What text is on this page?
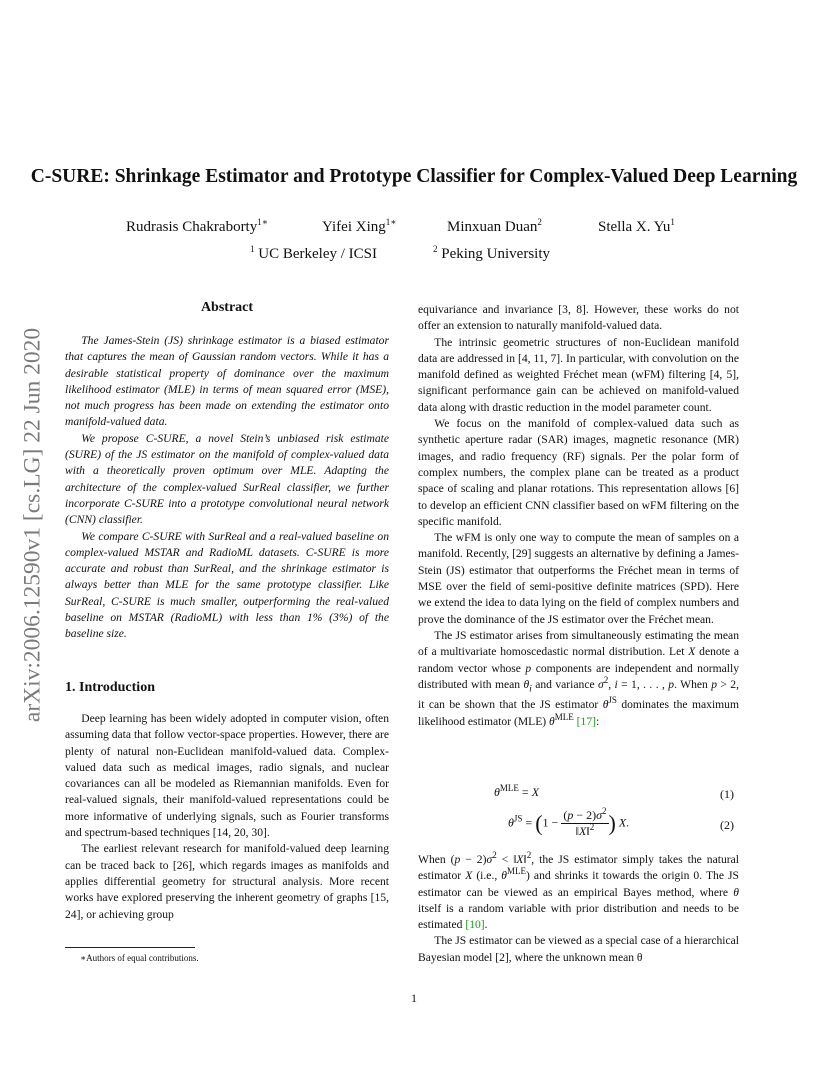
C-SURE: Shrinkage Estimator and Prototype Classifier for Complex-Valued Deep Learning
Rudrasis Chakraborty$^{1∗}$	Yifei Xing$^{1∗}$	Minxuan Duan$^2$	Stella X. Yu$^1$
$^1$ UC Berkeley / ICSI	$^2$ Peking University
arXiv:2006.12590v1 [cs.LG] 22 Jun 2020
Abstract

The James-Stein (JS) shrinkage estimator is a biased estimator that captures the mean of Gaussian random vectors. While it has a desirable statistical property of dominance over the maximum likelihood estimator (MLE) in terms of mean squared error (MSE), not much progress has been made on extending the estimator onto manifold-valued data.

We propose C-SURE, a novel Stein’s unbiased risk estimate (SURE) of the JS estimator on the manifold of complex-valued data with a theoretically proven optimum over MLE. Adapting the architecture of the complex-valued SurReal classifier, we further incorporate C-SURE into a prototype convolutional neural network (CNN) classifier.

We compare C-SURE with SurReal and a real-valued baseline on complex-valued MSTAR and RadioML datasets. C-SURE is more accurate and robust than SurReal, and the shrinkage estimator is always better than MLE for the same prototype classifier. Like SurReal, C-SURE is much smaller, outperforming the real-valued baseline on MSTAR (RadioML) with less than 1% (3%) of the baseline size.

1. Introduction

Deep learning has been widely adopted in computer vision, often assuming data that follow vector-space properties. However, there are plenty of natural non-Euclidean manifold-valued data. Complex-valued data such as medical images, radio signals, and nuclear covariances can all be modeled as Riemannian manifolds. Even for real-valued signals, their manifold-valued representations could be more informative of underlying signals, such as Fourier transforms and spectrum-based techniques [14, 20, 30].

The earliest relevant research for manifold-valued deep learning can be traced back to [26], which regards images as manifolds and applies differential geometry for structural analysis. More recent works have explored preserving the inherent geometry of graphs [15, 24], or achieving group

equivariance and invariance [3, 8]. However, these works do not offer an extension to naturally manifold-valued data.

The intrinsic geometric structures of non-Euclidean manifold data are addressed in [4, 11, 7]. In particular, with convolution on the manifold defined as weighted Fréchet mean (wFM) filtering [4, 5], significant performance gain can be achieved on manifold-valued data along with drastic reduction in the model parameter count.

We focus on the manifold of complex-valued data such as synthetic aperture radar (SAR) images, magnetic resonance (MR) images, and radio frequency (RF) signals. Per the polar form of complex numbers, the complex plane can be treated as a product space of scaling and planar rotations. This representation allows [6] to develop an efficient CNN classifier based on wFM filtering on the specific manifold.

The wFM is only one way to compute the mean of samples on a manifold. Recently, [29] suggests an alternative by defining a James-Stein (JS) estimator that outperforms the Fréchet mean in terms of MSE over the field of semi-positive definite matrices (SPD). Here we extend the idea to data lying on the field of complex numbers and prove the dominance of the JS estimator over the Fréchet mean.

The JS estimator arises from simultaneously estimating the mean of a multivariate homoscedastic normal distribution. Let X denote a random vector whose p components are independent and normally distributed with mean $\theta_i$ and variance $\sigma^2$, i = 1, . . . , p. When p > 2, it can be shown that the JS estimator $\theta^{JS}$ dominates the maximum likelihood estimator (MLE) $\theta^{MLE}$ [17]:

$\theta^{MLE} = X$	(1)
$\theta^{JS} = (1 - \frac{(p - 2)\sigma^2}{‖X‖^2}$ ) X.	(2)

When $(p - 2)\sigma^2$ < ‖X‖$^2$, the JS estimator simply takes the natural estimator X (i.e., $\theta^{MLE}$) and shrinks it towards the origin 0. The JS estimator can be viewed as an empirical Bayes method, where θ itself is a random variable with prior distribution and needs to be estimated [10].

The JS estimator can be viewed as a special case of a hierarchical Bayesian model [2], where the unknown mean θ

∗Authors of equal contributions.
1
